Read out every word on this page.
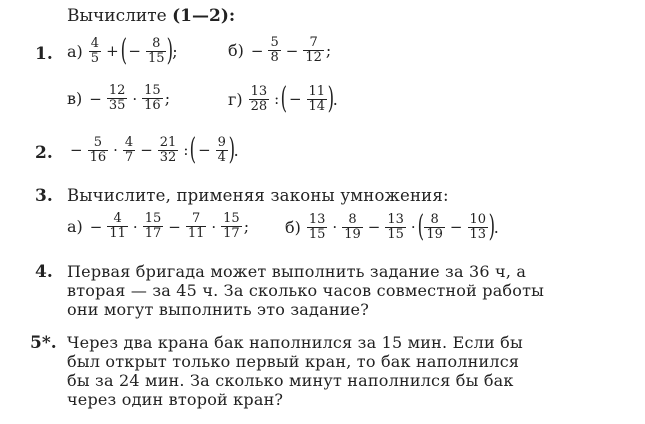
Вычислите (1—2):
1. $а) \frac{4}{5}$ + ( − $\frac{8}{15}$ )
;	$б) - \frac{5}{8} - \frac{7}{12}$ ;
$в) - \frac{12}{35} \cdot \frac{15}{16}$ ;	$г) \frac{13}{28}$ : ( − $\frac{11}{14}$ )
.
2. − $\frac{5}{16} \cdot \frac{4}{7} - \frac{21}{32}$ : ( − $\frac{9}{4}$ )
.
3. Вычислите, применяя законы умножения:
$а) - \frac{4}{11} \cdot \frac{15}{17} - \frac{7}{11} \cdot \frac{15}{17}$ ; $б) \frac{13}{15} \cdot \frac{8}{19} - \frac{13}{15}$ · ( $\frac{8}{19} - \frac{10}{13}$ )
.
4. Первая бригада может выполнить задание за 36 ч, а
вторая — за 45 ч. За сколько часов совместной работы
они могут выполнить это задание?
5*. Через два крана бак наполнился за 15 мин. Если бы
был открыт только первый кран, то бак наполнился
бы за 24 мин. За сколько минут наполнился бы бак
через один второй кран?
